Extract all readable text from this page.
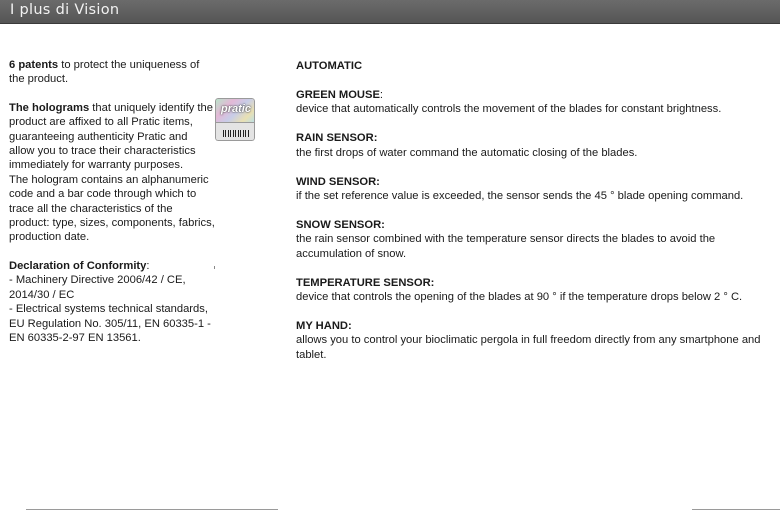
I plus di Vision

6 patents to protect the uniqueness of the product.

The holograms that uniquely identify the product are affixed to all Pratic items, guaranteeing authenticity Pratic and allow you to trace their characteristics immediately for warranty purposes.

The hologram contains an alphanumeric code and a bar code through which to trace all the characteristics of the product: type, sizes, components, fabrics, production date.

Declaration of Conformity:
- Machinery Directive 2006/42 / CE, 2014/30 / EC
- Electrical systems technical standards, EU Regulation No. 305/11, EN 60335-1 - EN 60335-2-97 EN 13561.

pratic
AUTOMATIC
GREEN MOUSE:
device that automatically controls the movement of the blades for constant brightness.
RAIN SENSOR:
the first drops of water command the automatic closing of the blades.
WIND SENSOR:
if the set reference value is exceeded, the sensor sends the 45 ° blade opening command.
SNOW SENSOR:
the rain sensor combined with the temperature sensor directs the blades to avoid the accumulation of snow.
TEMPERATURE SENSOR:
device that controls the opening of the blades at 90 ° if the temperature drops below 2 ° C.
MY HAND:
allows you to control your bioclimatic pergola in full freedom directly from any smartphone and tablet.
